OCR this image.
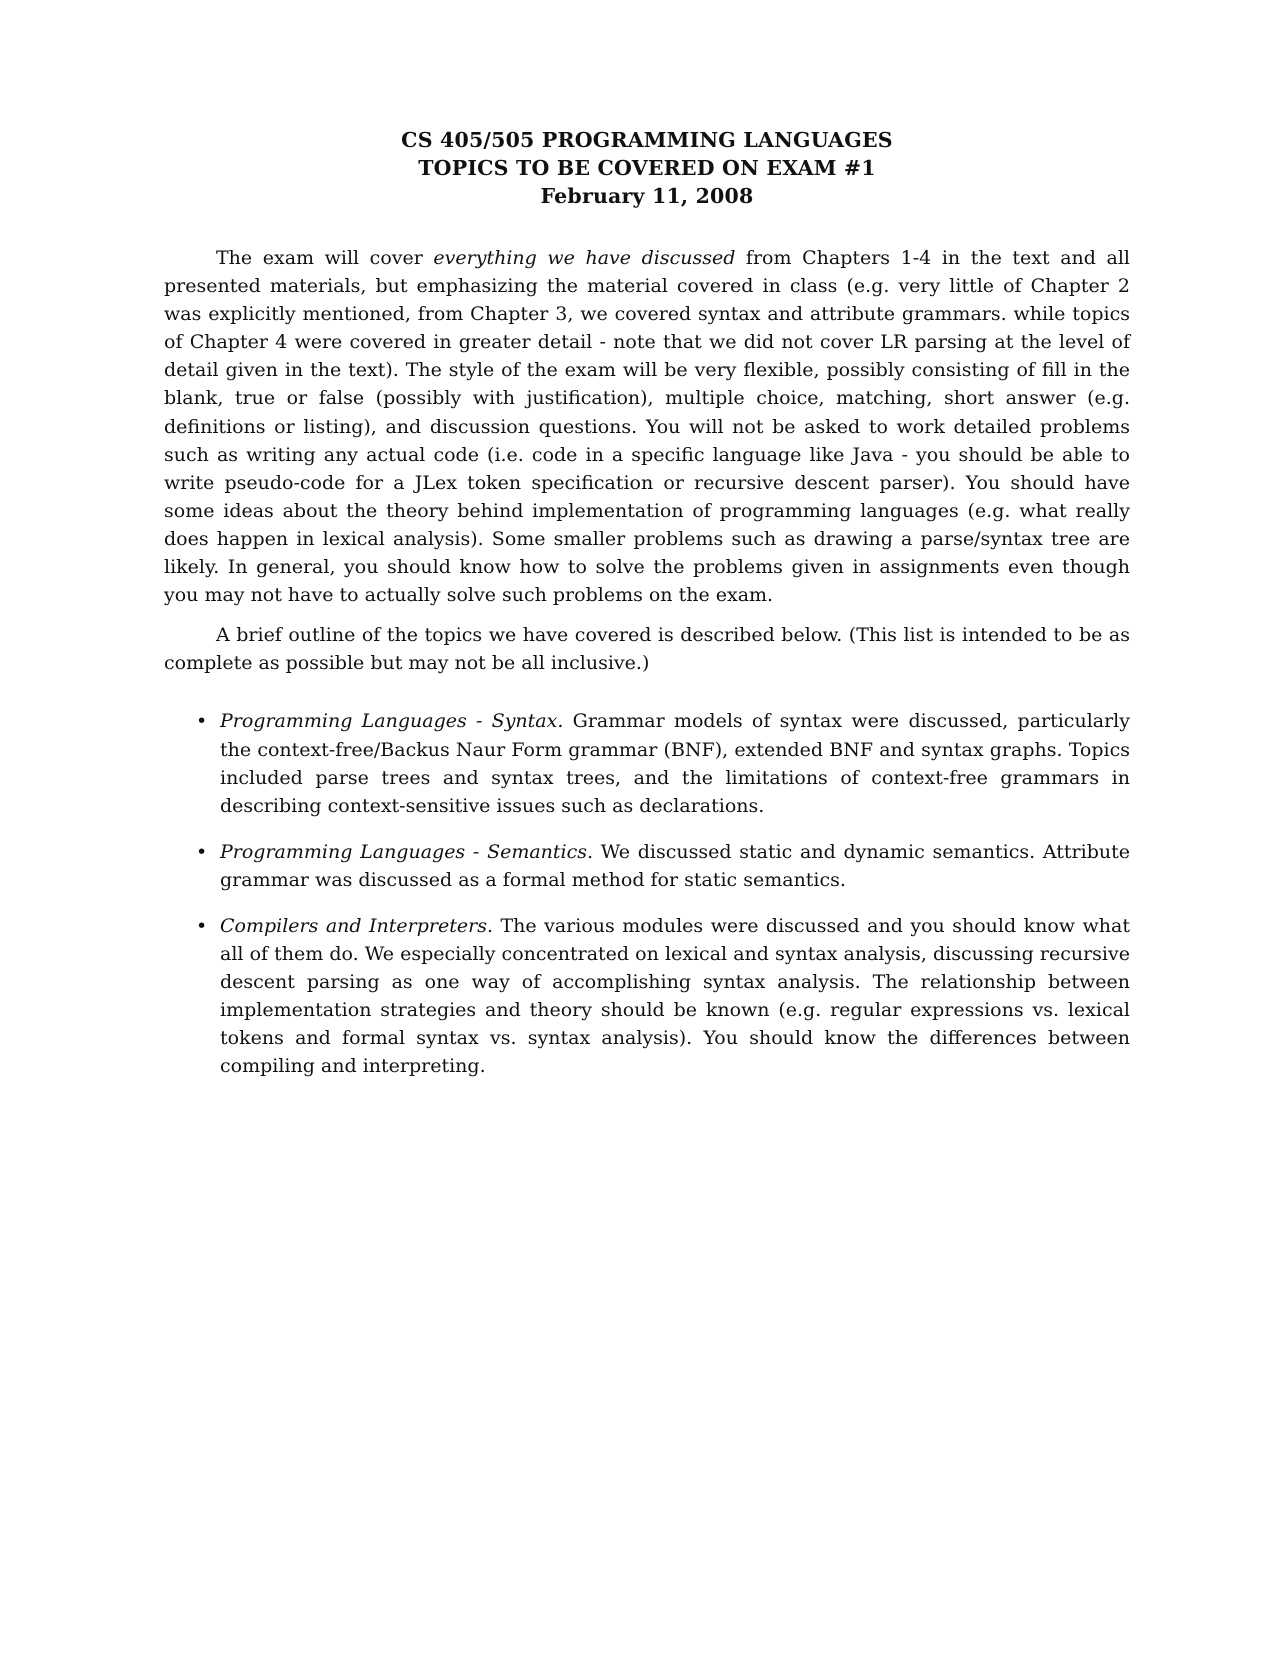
CS 405/505 PROGRAMMING LANGUAGES
TOPICS TO BE COVERED ON EXAM #1
February 11, 2008

The exam will cover everything we have discussed from Chapters 1-4 in the text and all presented materials, but emphasizing the material covered in class (e.g. very little of Chapter 2 was explicitly mentioned, from Chapter 3, we covered syntax and attribute grammars. while topics of Chapter 4 were covered in greater detail - note that we did not cover LR parsing at the level of detail given in the text). The style of the exam will be very flexible, possibly consisting of fill in the blank, true or false (possibly with justification), multiple choice, matching, short answer (e.g. definitions or listing), and discussion questions. You will not be asked to work detailed problems such as writing any actual code (i.e. code in a specific language like Java - you should be able to write pseudo-code for a JLex token specification or recursive descent parser). You should have some ideas about the theory behind implementation of programming languages (e.g. what really does happen in lexical analysis). Some smaller problems such as drawing a parse/syntax tree are likely. In general, you should know how to solve the problems given in assignments even though you may not have to actually solve such problems on the exam.

A brief outline of the topics we have covered is described below. (This list is intended to be as complete as possible but may not be all inclusive.)

• Programming Languages - Syntax. Grammar models of syntax were discussed, particularly the context-free/Backus Naur Form grammar (BNF), extended BNF and syntax graphs. Topics included parse trees and syntax trees, and the limitations of context-free grammars in describing context-sensitive issues such as declarations.
• Programming Languages - Semantics. We discussed static and dynamic semantics. Attribute grammar was discussed as a formal method for static semantics.
• Compilers and Interpreters. The various modules were discussed and you should know what all of them do. We especially concentrated on lexical and syntax analysis, discussing recursive descent parsing as one way of accomplishing syntax analysis. The relationship between implementation strategies and theory should be known (e.g. regular expressions vs. lexical tokens and formal syntax vs. syntax analysis). You should know the differences between compiling and interpreting.
